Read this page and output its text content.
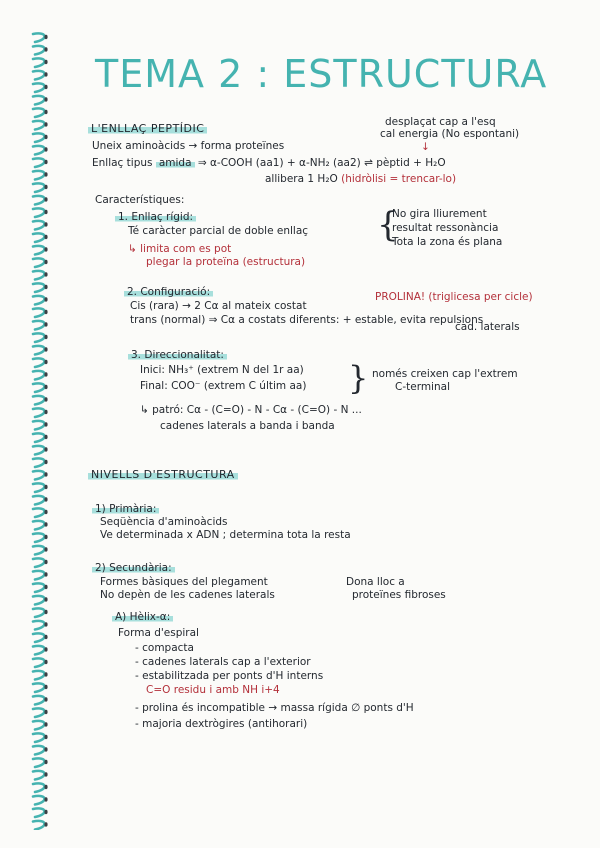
TEMA 2 : ESTRUCTURA
L'ENLLAÇ PEPTÍDIC	desplaçat cap a l'esq
cal energia (No espontani)
↓
Uneix aminoàcids → forma proteïnes
Enllaç tipus amida ⇒ α-COOH (aa1) + α-NH₂ (aa2) ⇌ pèptid + H₂O
allibera 1 H₂O (hidròlisi = trencar-lo)
Característiques:
1. Enllaç rígid:
Té caràcter parcial de doble enllaç {
No gira lliurement
resultat ressonància
Tota la zona és plana
↳ limita com es pot
plegar la proteïna (estructura)
2. Configuració:
Cis (rara) → 2 Cα al mateix costat
PROLINA! (triglicesa per cicle)
trans (normal) ⇒ Cα a costats diferents: + estable, evita repulsions
cad. laterals
3. Direccionalitat:
Inici: NH₃⁺ (extrem N del 1r aa)
Final: COO⁻ (extrem C últim aa) } només creixen cap l'extrem
C-terminal
↳ patró: Cα - (C=O) - N - Cα - (C=O) - N ...
cadenes laterals a banda i banda
NIVELLS D'ESTRUCTURA
1) Primària:
Seqüència d'aminoàcids
Ve determinada x ADN ; determina tota la resta
2) Secundària:
Formes bàsiques del plegament
No depèn de les cadenes laterals
Dona lloc a
proteïnes fibroses
A) Hèlix-α:
Forma d'espiral
- compacta
- cadenes laterals cap a l'exterior
- estabilitzada per ponts d'H interns
C=O residu i amb NH i+4
- prolina és incompatible → massa rígida ∅ ponts d'H
- majoria dextrògires (antihorari)
